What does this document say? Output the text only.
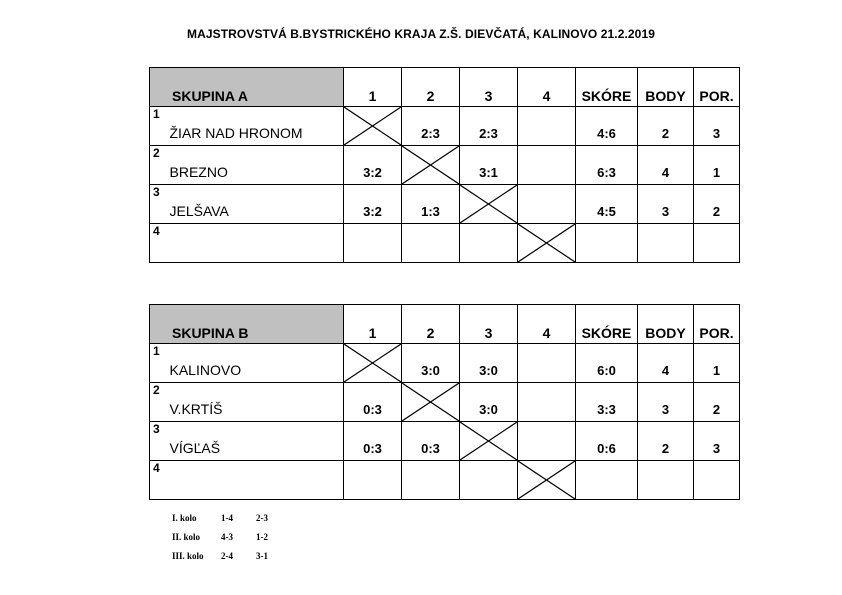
MAJSTROVSTVÁ B.BYSTRICKÉHO KRAJA Z.Š. DIEVČATÁ, KALINOVO 21.2.2019
SKUPINA A		1	2	3	4	SKÓRE	BODY	POR.
1	ŽIAR NAD HRONOM		2:3	2:3		4:6	2	3
2	BREZNO	3:2		3:1		6:3	4	1
3	JELŠAVA	3:2	1:3			4:5	3	2
4					

SKUPINA B		1	2	3	4	SKÓRE	BODY	POR.
1	KALINOVO		3:0	3:0		6:0	4	1
2	V.KRTÍŠ	0:3		3:0		3:3	3	2
3	VÍGĽAŠ	0:3	0:3			0:6	2	3
4					

I. kolo	1-4	2-3
II. kolo	4-3	1-2
III. kolo	2-4	3-1
